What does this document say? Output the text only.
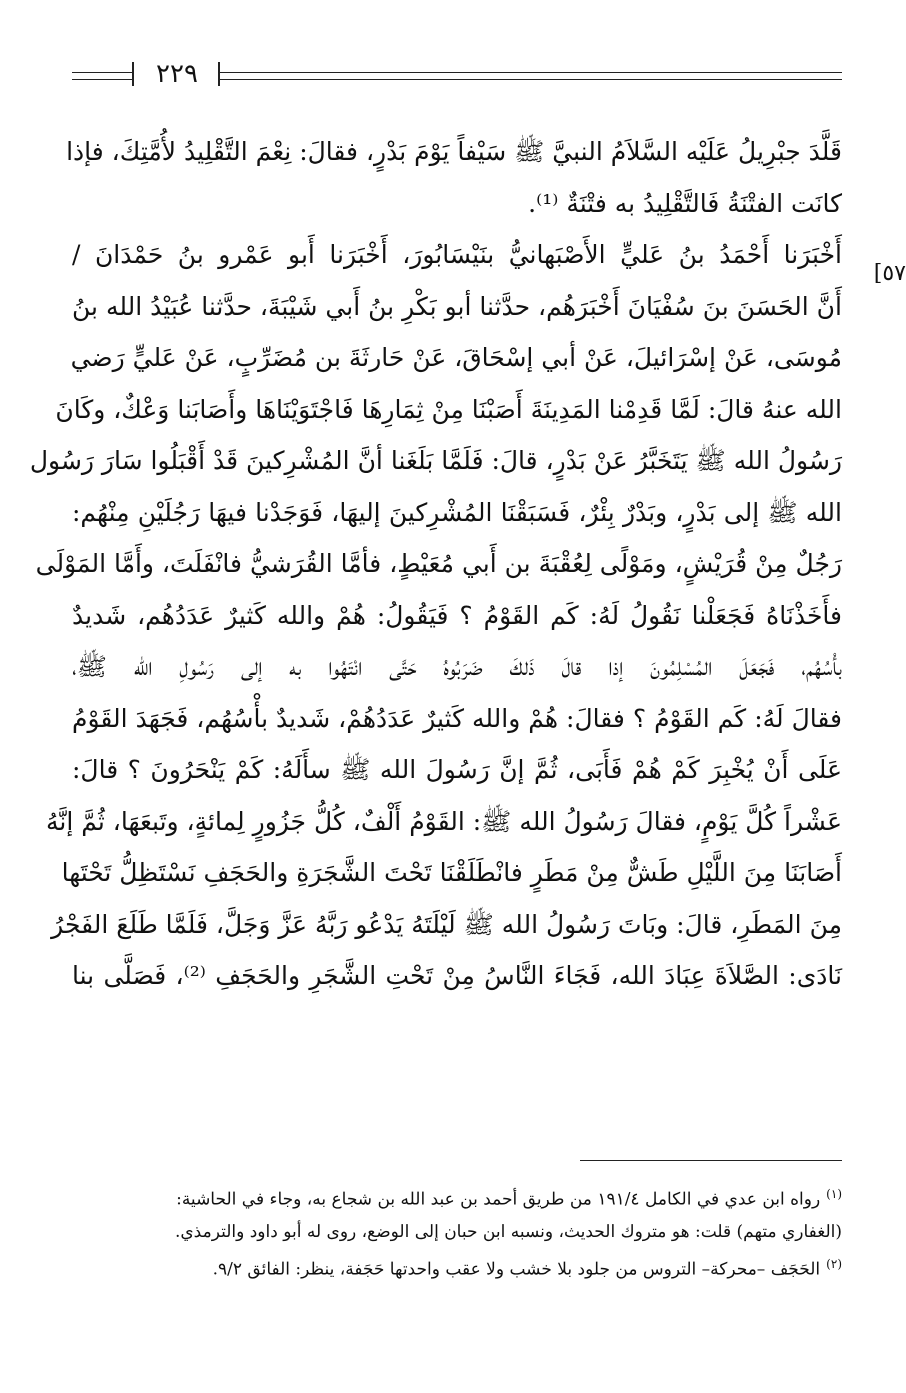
٢٢٩
٥٧]
قَلَّدَ جبْرِيلُ عَلَيْه السَّلاَمُ النبيَّ ﷺ سَيْفاً يَوْمَ بَدْرٍ، فقالَ: نِعْمَ التَّقْلِيدُ لأُمَّتِكَ، فإذا
كانَت الفتْنَةُ فَالتَّقْلِيدُ به فتْنَةٌ ⁽¹⁾.
أَخْبَرَنا أَحْمَدُ بنُ عَليٍّ الأَصْبَهانيُّ بنَيْسَابُورَ، أَخْبَرَنا أَبو عَمْرو بنُ حَمْدَانَ /
أَنَّ الحَسَنَ بنَ سُفْيَانَ أَخْبَرَهُم، حدَّثنا أبو بَكْرِ بنُ أَبي شَيْبَةَ، حدَّثنا عُبَيْدُ الله بنُ
مُوسَى، عَنْ إسْرَائيلَ، عَنْ أبي إسْحَاقَ، عَنْ حَارثَةَ بن مُضَرِّبٍ، عَنْ عَليٍّ رَضي
الله عنهُ قالَ: لَمَّا قَدِمْنا المَدِينَةَ أَصَبْنَا مِنْ ثِمَارِهَا فَاجْتَوَيْنَاهَا وأَصَابَنا وَعْكٌ، وكَانَ
رَسُولُ الله ﷺ يَتَخَبَّرُ عَنْ بَدْرٍ، قالَ: فَلَمَّا بَلَغَنا أنَّ المُشْرِكينَ قَدْ أَقْبَلُوا سَارَ رَسُول
الله ﷺ إلى بَدْرٍ، وبَدْرٌ بِئْرٌ، فَسَبَقْنَا المُشْرِكينَ إليهَا، فَوَجَدْنا فيهَا رَجُلَيْنِ مِنْهُم:
رَجُلٌ مِنْ قُرَيْشٍ، ومَوْلًى لِعُقْبَةَ بن أَبي مُعَيْطٍ، فأمَّا القُرَشيُّ فانْفَلَتَ، وأَمَّا المَوْلَى
فأَخَذْنَاهُ فَجَعَلْنا نَقُولُ لَهُ: كَم القَوْمُ ؟ فَيَقُولُ: هُمْ والله كَثيرٌ عَدَدُهُم، شَديدٌ
بأْسُهُم، فَجَعَلَ المُسْلِمُونَ إذا قالَ ذَلكَ ضَرَبُوهُ حَتَّى انْتَهُوا به إلى رَسُولِ الله ﷺ،
فقالَ لَهُ: كَم القَوْمُ ؟ فقالَ: هُمْ والله كَثيرٌ عَدَدُهُمْ، شَديدٌ بأْسُهُم، فَجَهَدَ القَوْمُ
عَلَى أَنْ يُخْبِرَ كَمْ هُمْ فَأَبَى، ثُمَّ إنَّ رَسُولَ الله ﷺ سأَلَهُ: كَمْ يَنْحَرُونَ ؟ قالَ:
عَشْراً كُلَّ يَوْمٍ، فقالَ رَسُولُ الله ﷺ: القَوْمُ أَلْفٌ، كُلُّ جَزُورٍ لِمائةٍ، وتَبعَهَا، ثُمَّ إنَّهُ
أَصَابَنَا مِنَ اللَّيْلِ طَشٌّ مِنْ مَطَرٍ فانْطَلَقْنَا تَحْتَ الشَّجَرَةِ والحَجَفِ نَسْتَظِلُّ تَحْتَها
مِنَ المَطَرِ، قالَ: وبَاتَ رَسُولُ الله ﷺ لَيْلَتَهُ يَدْعُو رَبَّهُ عَزَّ وَجَلَّ، فَلَمَّا طَلَعَ الفَجْرُ
نَادَى: الصَّلاَةَ عِبَادَ الله، فَجَاءَ النَّاسُ مِنْ تَحْتِ الشَّجَرِ والحَجَفِ ⁽²⁾، فَصَلَّى بنا
$^{(١)}$رواه ابن عدي في الكامل ١٩١/٤ من طريق أحمد بن عبد الله بن شجاع به، وجاء في الحاشية:
(الغفاري متهم) قلت: هو متروك الحديث، ونسبه ابن حبان إلى الوضع، روى له أبو داود والترمذي.
$^{(٢)}$الحَجَف –محركة– التروس من جلود بلا خشب ولا عقب واحدتها حَجَفة، ينظر: الفائق ٩/٢.
